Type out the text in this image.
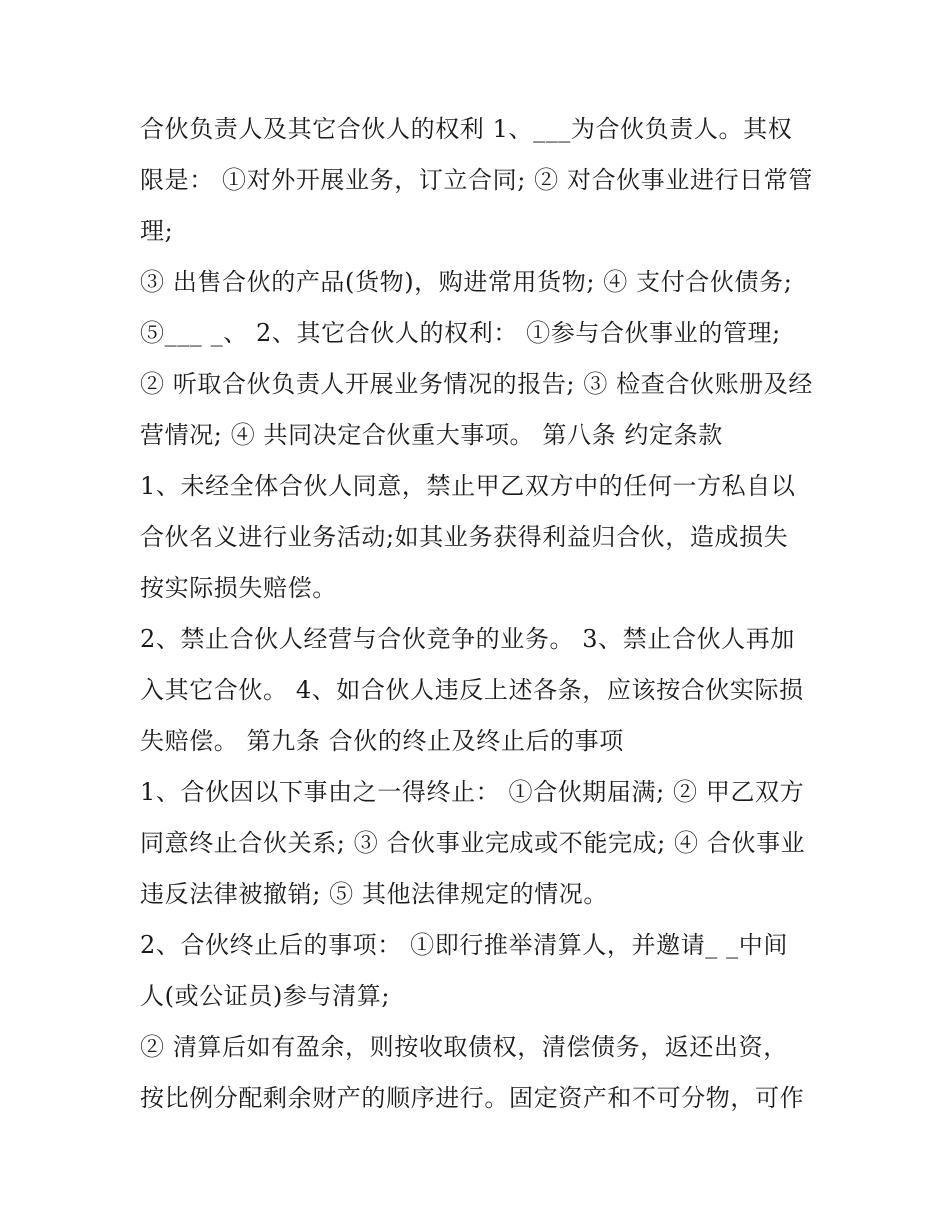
合伙负责人及其它合伙人的权利 1、___为合伙负责人。其权

限是： ①对外开展业务，订立合同; ② 对合伙事业进行日常管

理;

③ 出售合伙的产品(货物)，购进常用货物; ④ 支付合伙债务;

⑤___ _、 2、其它合伙人的权利： ①参与合伙事业的管理;

② 听取合伙负责人开展业务情况的报告; ③ 检查合伙账册及经

营情况; ④ 共同决定合伙重大事项。 第八条 约定条款

1、未经全体合伙人同意，禁止甲乙双方中的任何一方私自以

合伙名义进行业务活动;如其业务获得利益归合伙，造成损失

按实际损失赔偿。

2、禁止合伙人经营与合伙竞争的业务。 3、禁止合伙人再加

入其它合伙。 4、如合伙人违反上述各条，应该按合伙实际损

失赔偿。 第九条 合伙的终止及终止后的事项

1、合伙因以下事由之一得终止： ①合伙期届满; ② 甲乙双方

同意终止合伙关系; ③ 合伙事业完成或不能完成; ④ 合伙事业

违反法律被撤销; ⑤ 其他法律规定的情况。

2、合伙终止后的事项： ①即行推举清算人，并邀请_ _中间

人(或公证员)参与清算;

② 清算后如有盈余，则按收取债权，清偿债务，返还出资，

按比例分配剩余财产的顺序进行。固定资产和不可分物，可作
